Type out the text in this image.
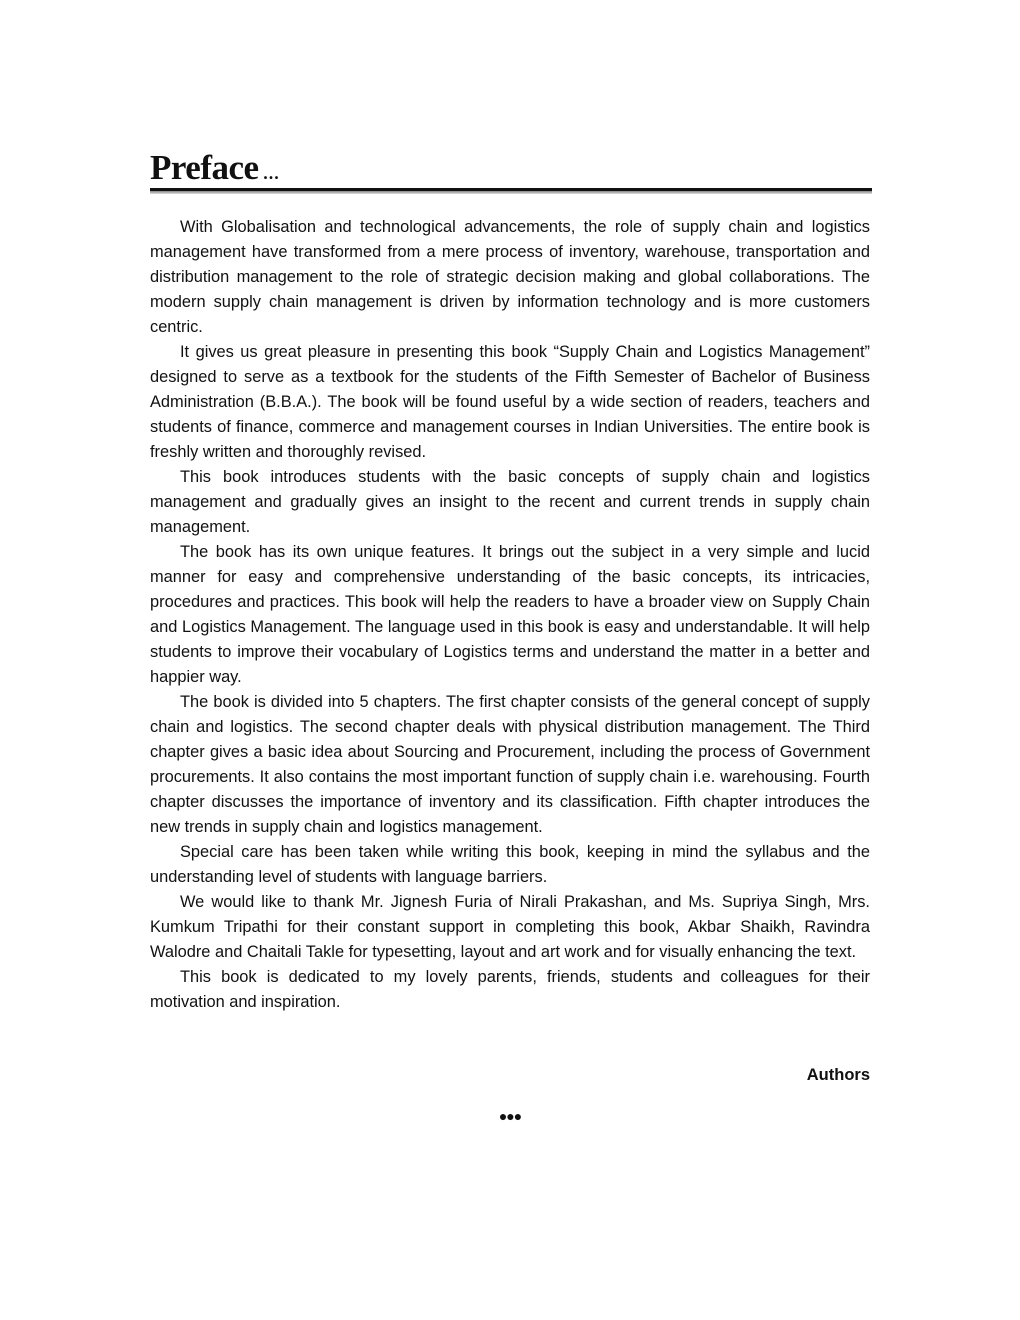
Preface ...

With Globalisation and technological advancements, the role of supply chain and logistics management have transformed from a mere process of inventory, warehouse, transportation and distribution management to the role of strategic decision making and global collaborations. The modern supply chain management is driven by information technology and is more customers centric.

It gives us great pleasure in presenting this book “Supply Chain and Logistics Management” designed to serve as a textbook for the students of the Fifth Semester of Bachelor of Business Administration (B.B.A.). The book will be found useful by a wide section of readers, teachers and students of finance, commerce and management courses in Indian Universities. The entire book is freshly written and thoroughly revised.

This book introduces students with the basic concepts of supply chain and logistics management and gradually gives an insight to the recent and current trends in supply chain management.

The book has its own unique features. It brings out the subject in a very simple and lucid manner for easy and comprehensive understanding of the basic concepts, its intricacies, procedures and practices. This book will help the readers to have a broader view on Supply Chain and Logistics Management. The language used in this book is easy and understandable. It will help students to improve their vocabulary of Logistics terms and understand the matter in a better and happier way.

The book is divided into 5 chapters. The first chapter consists of the general concept of supply chain and logistics. The second chapter deals with physical distribution management. The Third chapter gives a basic idea about Sourcing and Procurement, including the process of Government procurements. It also contains the most important function of supply chain i.e. warehousing. Fourth chapter discusses the importance of inventory and its classification. Fifth chapter introduces the new trends in supply chain and logistics management.

Special care has been taken while writing this book, keeping in mind the syllabus and the understanding level of students with language barriers.

We would like to thank Mr. Jignesh Furia of Nirali Prakashan, and Ms. Supriya Singh, Mrs. Kumkum Tripathi for their constant support in completing this book, Akbar Shaikh, Ravindra Walodre and Chaitali Takle for typesetting, layout and art work and for visually enhancing the text.

This book is dedicated to my lovely parents, friends, students and colleagues for their motivation and inspiration.

Authors
●●●
